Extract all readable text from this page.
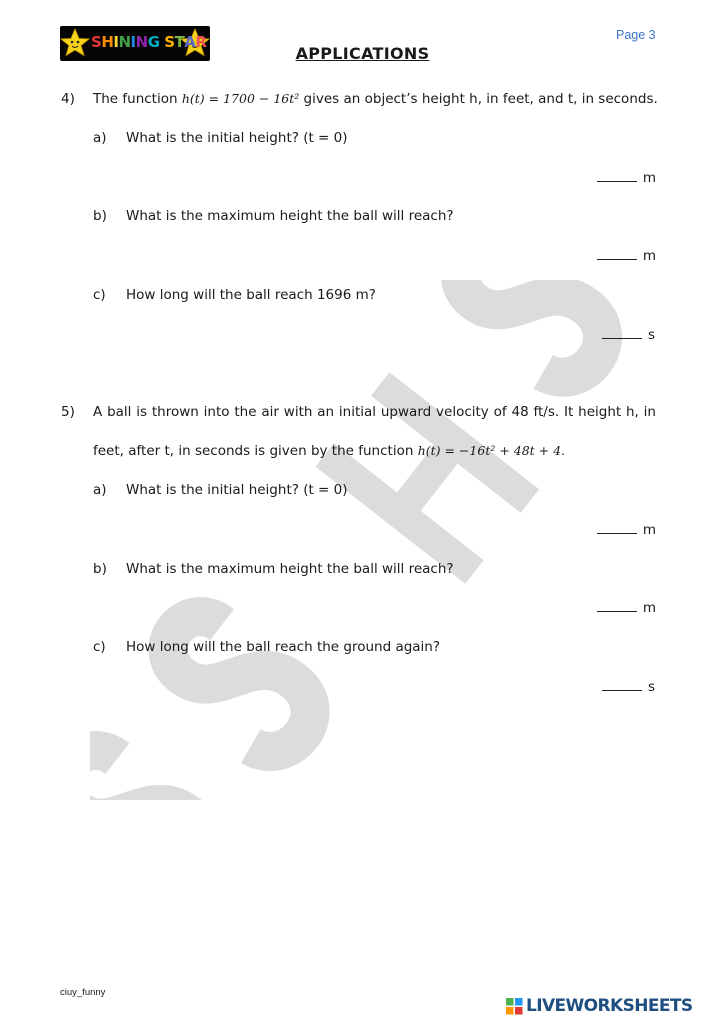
SHINING STAR	Page 3
APPLICATIONS
4) The function h(t) = 1700 − 16t² gives an object’s height h, in feet, and t, in seconds.
a) What is the initial height? (t = 0)
m
b) What is the maximum height the ball will reach?
m
c) How long will the ball reach 1696 m?
s
5) A ball is thrown into the air with an initial upward velocity of 48 ft/s. It height h, in
feet, after t, in seconds is given by the function h(t) = −16t² + 48t + 4.
a) What is the initial height? (t = 0)
m
b) What is the maximum height the ball will reach?
m
c) How long will the ball reach the ground again?
s
ciuy_funny
LIVEWORKSHEETS
